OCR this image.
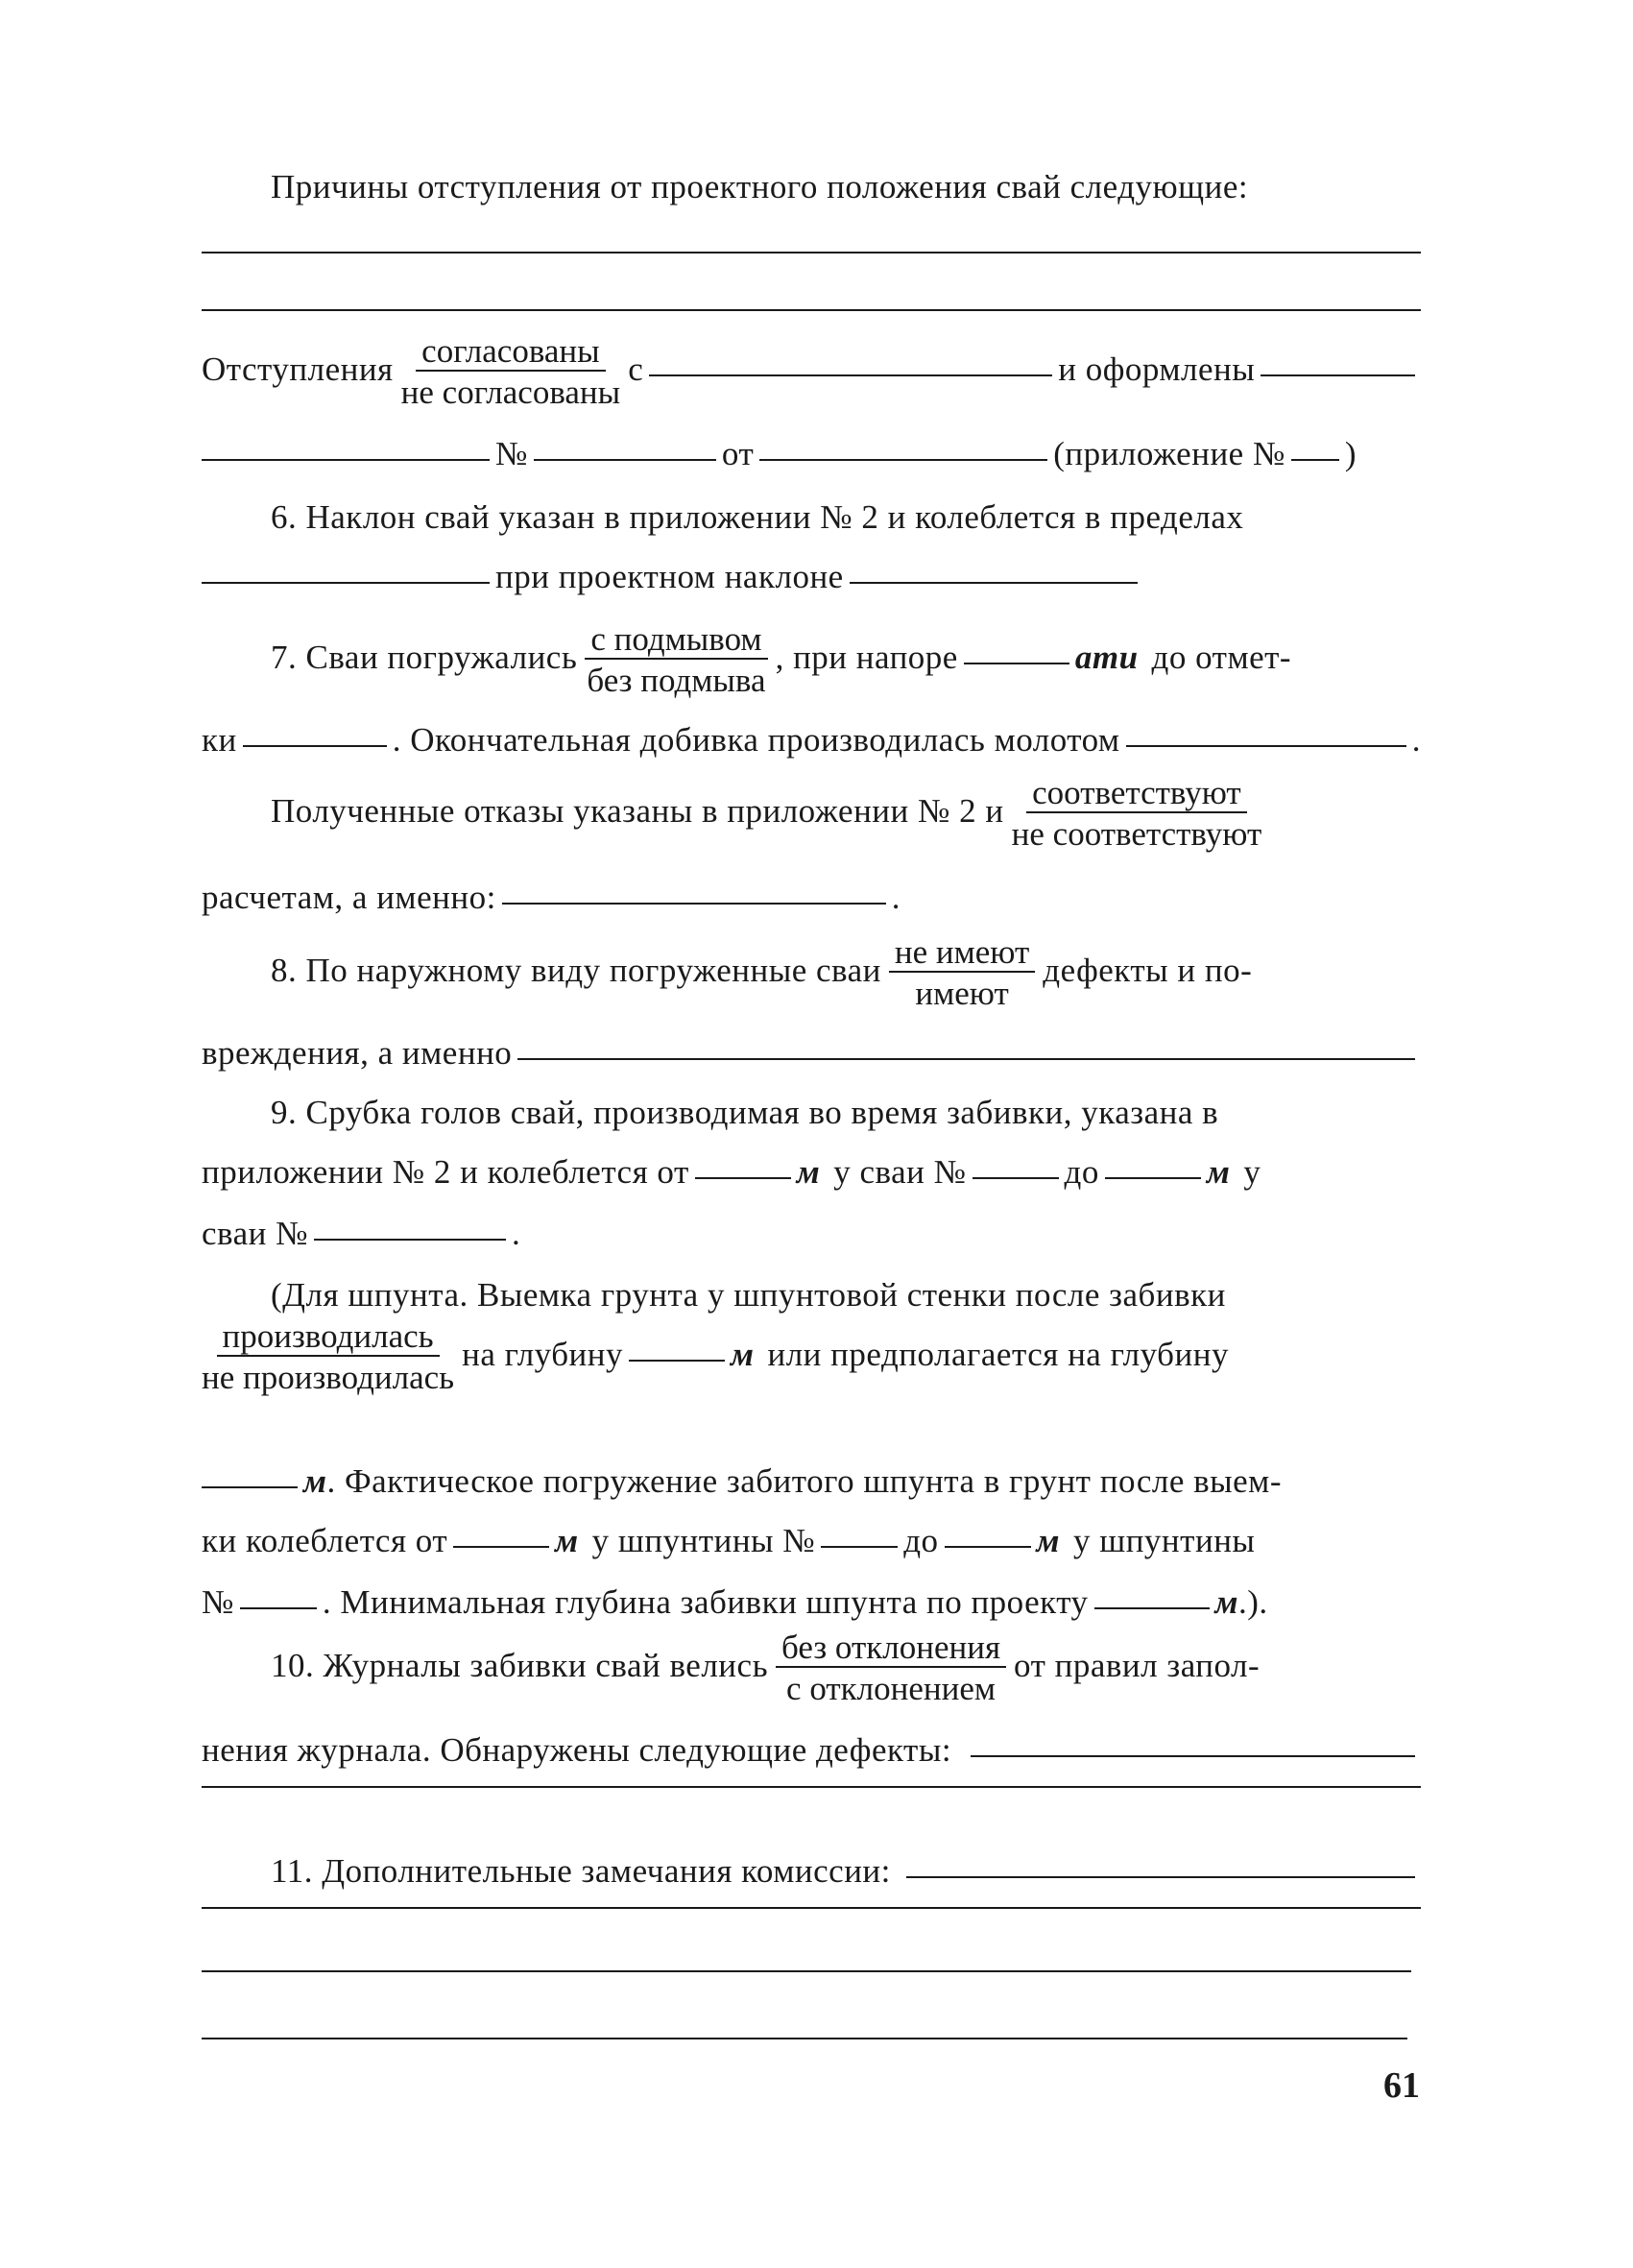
Причины отступления от проектного положения свай следующие:
Отступления $\frac{\text{согласованы}}{\text{не согласованы}}$ с	и оформлены
№	от	(приложение № )
6. Наклон свай указан в приложении № 2 и колеблется в пределах
при проектном наклоне
7. Сваи погружались $\frac{\text{с подмывом}}{\text{без подмыва}}$ , при напоре	ати до отмет-
ки	. Окончательная добивка производилась молотом	.
Полученные отказы указаны в приложении № 2 и $\frac{\text{соответствуют}}{\text{не соответствуют}}$
расчетам, а именно:	.
8. По наружному виду погруженные сваи $\frac{\text{не имеют}}{\text{имеют}}$ дефекты и по-
вреждения, а именно
9. Срубка голов свай, производимая во время забивки, указана в
приложении № 2 и колеблется от	м у сваи №	до	м у
сваи №	.
(Для шпунта. Выемка грунта у шпунтовой стенки после забивки
$\frac{\text{производилась}}{\text{не производилась}}$ на глубину	м или предполагается на глубину
м . Фактическое погружение забитого шпунта в грунт после выем-
ки колеблется от	м у шпунтины №	до	м у шпунтины
№	. Минимальная глубина забивки шпунта по проекту	м .).
10. Журналы забивки свай велись $\frac{\text{без отклонения}}{\text{с отклонением}}$ от правил запол-
нения журнала. Обнаружены следующие дефекты:
11. Дополнительные замечания комиссии:
61
